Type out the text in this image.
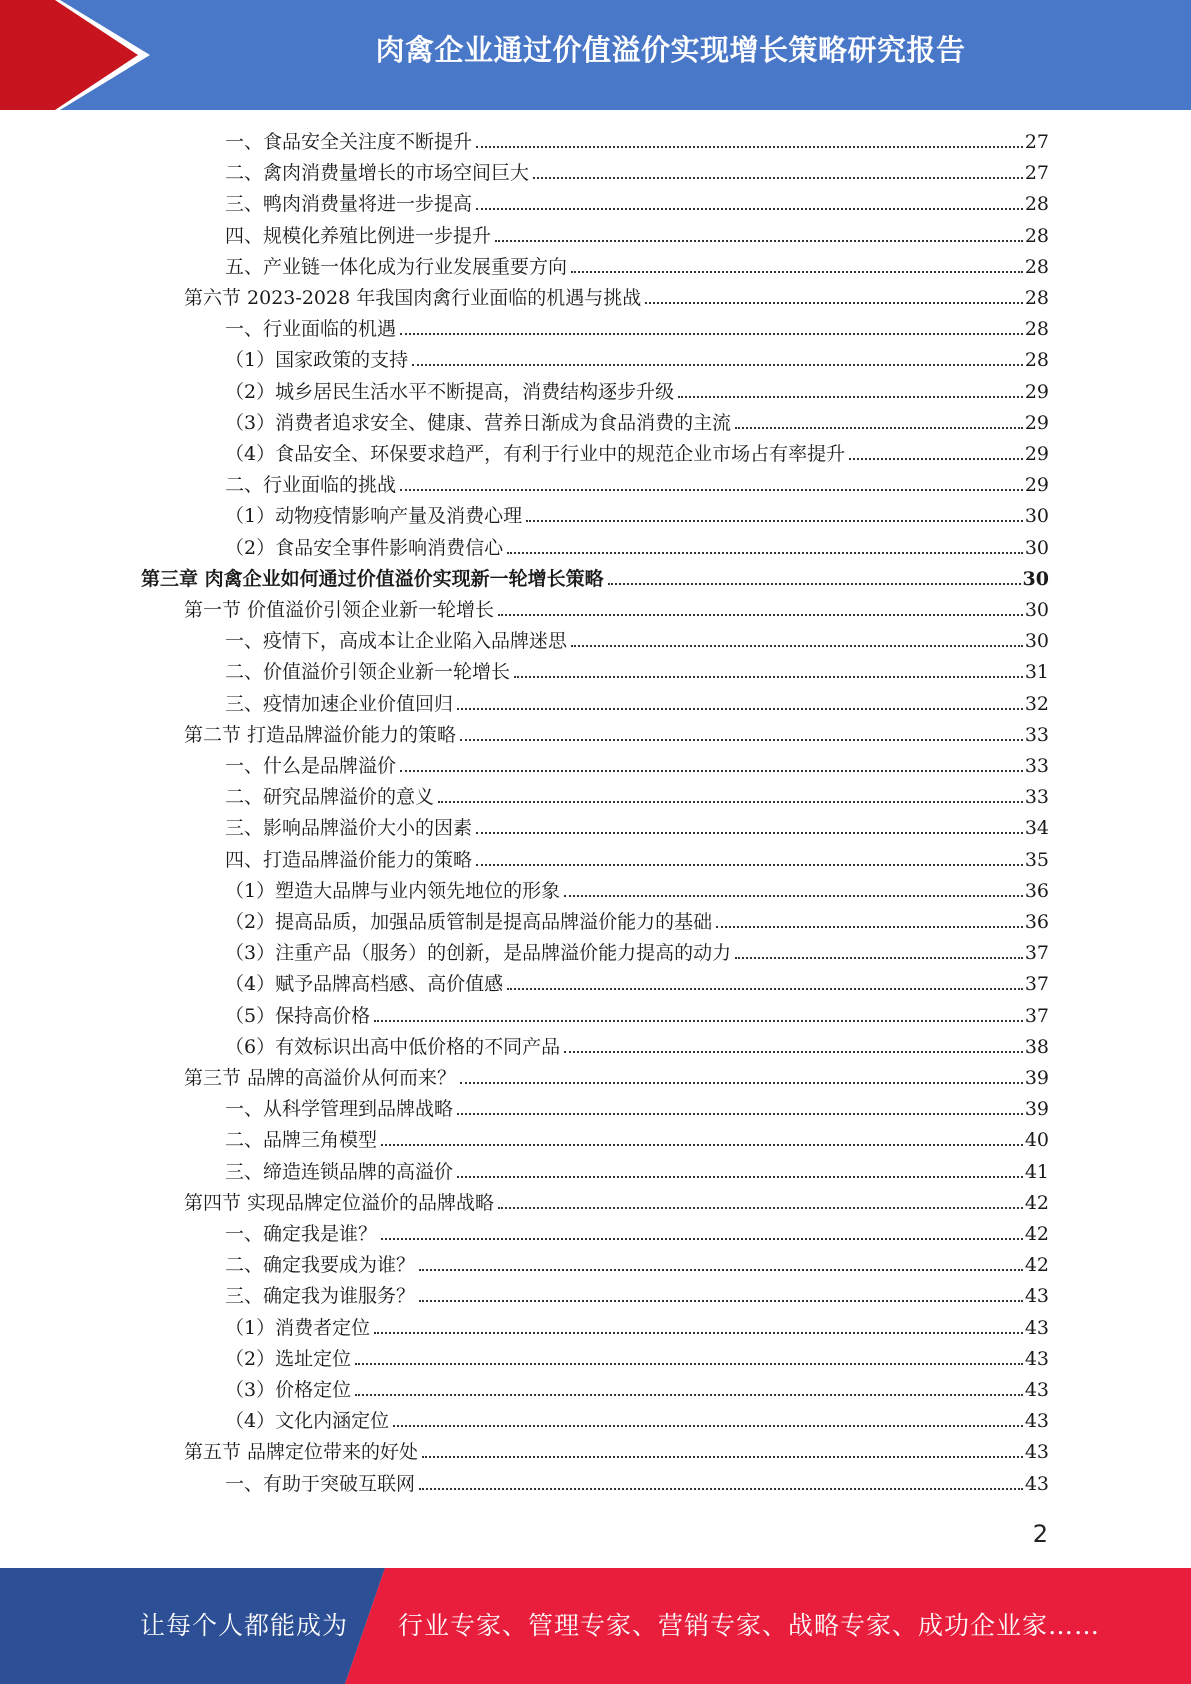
肉禽企业通过价值溢价实现增长策略研究报告
一、食品安全关注度不断提升	27
二、禽肉消费量增长的市场空间巨大	27
三、鸭肉消费量将进一步提高	28
四、规模化养殖比例进一步提升	28
五、产业链一体化成为行业发展重要方向	28
第六节 2023-2028 年我国肉禽行业面临的机遇与挑战	28
一、行业面临的机遇	28
（1）国家政策的支持	28
（2）城乡居民生活水平不断提高，消费结构逐步升级	29
（3）消费者追求安全、健康、营养日渐成为食品消费的主流	29
（4）食品安全、环保要求趋严，有利于行业中的规范企业市场占有率提升	29
二、行业面临的挑战	29
（1）动物疫情影响产量及消费心理	30
（2）食品安全事件影响消费信心	30
第三章 肉禽企业如何通过价值溢价实现新一轮增长策略	30
第一节 价值溢价引领企业新一轮增长	30
一、疫情下，高成本让企业陷入品牌迷思	30
二、价值溢价引领企业新一轮增长	31
三、疫情加速企业价值回归	32
第二节 打造品牌溢价能力的策略	33
一、什么是品牌溢价	33
二、研究品牌溢价的意义	33
三、影响品牌溢价大小的因素	34
四、打造品牌溢价能力的策略	35
（1）塑造大品牌与业内领先地位的形象	36
（2）提高品质，加强品质管制是提高品牌溢价能力的基础	36
（3）注重产品（服务）的创新，是品牌溢价能力提高的动力	37
（4）赋予品牌高档感、高价值感	37
（5）保持高价格	37
（6）有效标识出高中低价格的不同产品	38
第三节 品牌的高溢价从何而来？	39
一、从科学管理到品牌战略	39
二、品牌三角模型	40
三、缔造连锁品牌的高溢价	41
第四节 实现品牌定位溢价的品牌战略	42
一、确定我是谁？	42
二、确定我要成为谁？	42
三、确定我为谁服务？	43
（1）消费者定位	43
（2）选址定位	43
（3）价格定位	43
（4）文化内涵定位	43
第五节 品牌定位带来的好处	43
一、有助于突破互联网	43
2
让每个人都能成为 行业专家、管理专家、营销专家、战略专家、成功企业家……
